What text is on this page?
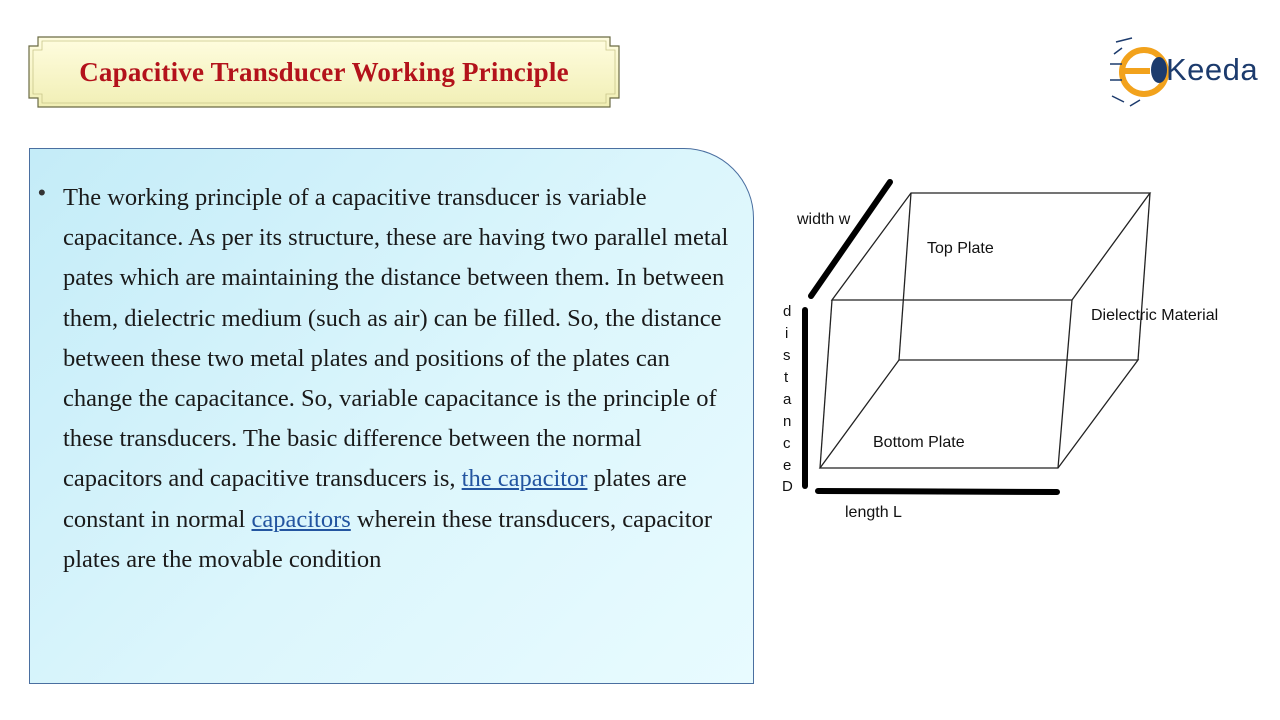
Capacitive Transducer Working Principle	Keeda
• The working principle of a capacitive transducer is variable capacitance. As per its structure, these are having two parallel metal pates which are maintaining the distance between them. In between them, dielectric medium (such as air) can be filled. So, the distance between these two metal plates and positions of the plates can change the capacitance. So, variable capacitance is the principle of these transducers. The basic difference between the normal capacitors and capacitive transducers is, the capacitor plates are constant in normal capacitors wherein these transducers, capacitor plates are the movable condition

width w
Top Plate
Dielectric Material
Bottom Plate
length L
d
i
s
t
a
n
c
e
D
